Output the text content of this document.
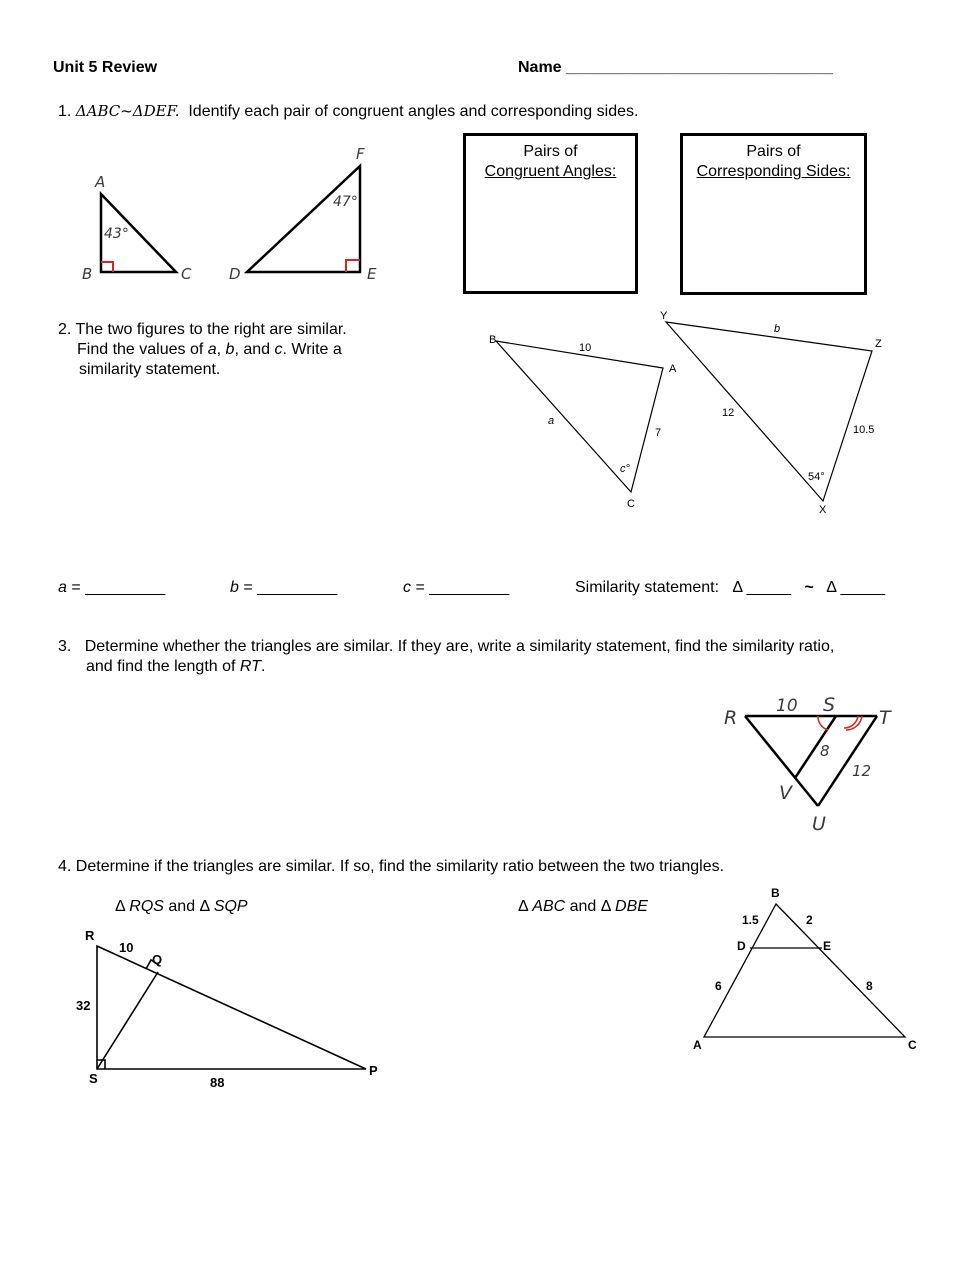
Unit 5 Review	Name ______________________________
1. ΔABC~ΔDEF. Identify each pair of congruent angles and corresponding sides.
A
B	C	D	E
F
43°
47°
Pairs of
Congruent Angles:
Pairs of
Corresponding Sides:
2. The two figures to the right are similar.
Find the values of a, b, and c. Write a
similarity statement.
B
A
C
10
7
a
c°
Y
Z
X
b
10.5
12
54°
a = _________	b = _________	c = _________	Similarity statement: Δ _____ ~ Δ _____
3. Determine whether the triangles are similar. If they are, write a similarity statement, find the similarity ratio,
and find the length of RT.
R
S
T
V
U
10
8
12
4. Determine if the triangles are similar. If so, find the similarity ratio between the two triangles.
Δ RQS and Δ SQP	Δ ABC and Δ DBE
R
Q
S
P
10
32
88
B
D	E
A	C
1.5	2
6	8
